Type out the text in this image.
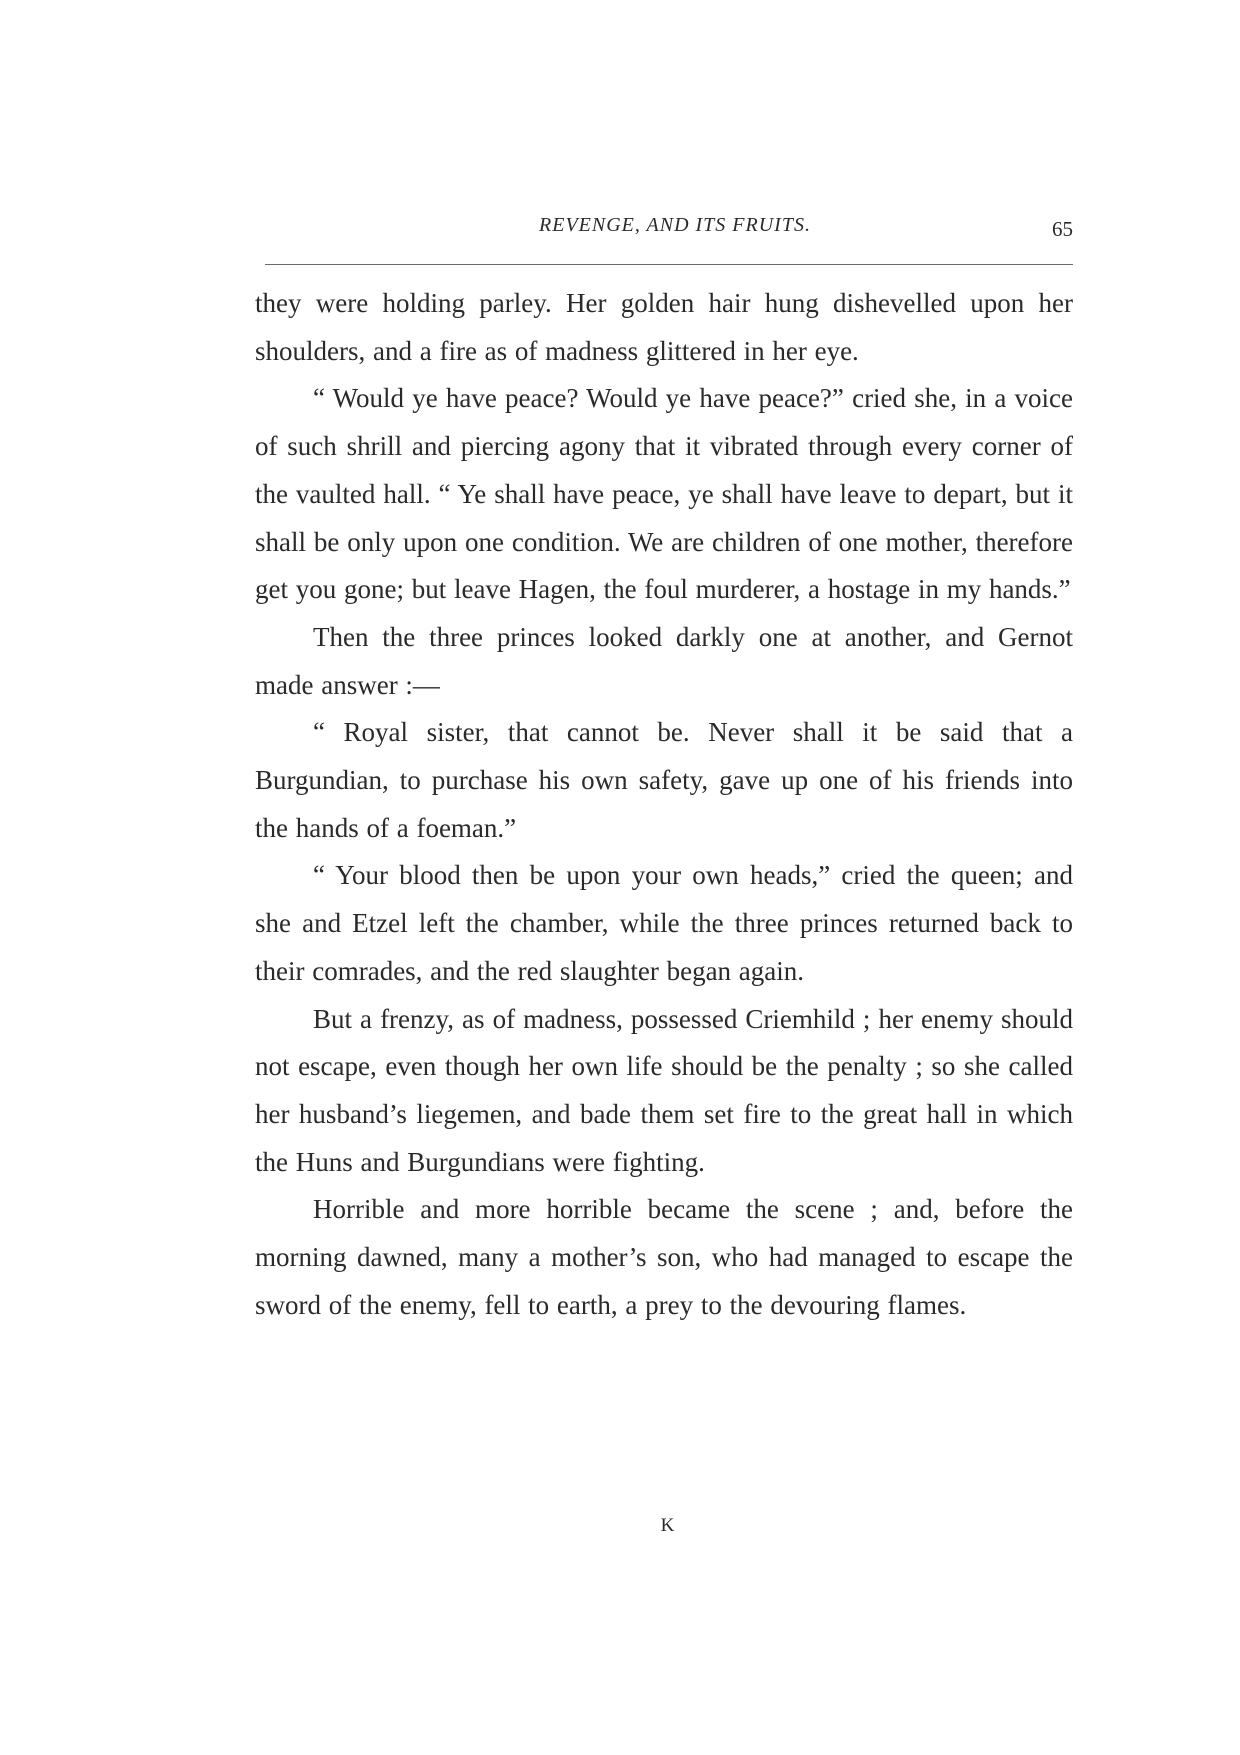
REVENGE, AND ITS FRUITS.	65

they were holding parley. Her golden hair hung dishevelled upon her shoulders, and a fire as of madness glittered in her eye.

“ Would ye have peace? Would ye have peace?” cried she, in a voice of such shrill and piercing agony that it vibrated through every corner of the vaulted hall. “ Ye shall have peace, ye shall have leave to depart, but it shall be only upon one condition. We are children of one mother, therefore get you gone; but leave Hagen, the foul murderer, a hostage in my hands.”

Then the three princes looked darkly one at another, and Gernot made answer :—

“ Royal sister, that cannot be. Never shall it be said that a Burgundian, to purchase his own safety, gave up one of his friends into the hands of a foeman.”

“ Your blood then be upon your own heads,” cried the queen; and she and Etzel left the chamber, while the three princes returned back to their comrades, and the red slaughter began again.

But a frenzy, as of madness, possessed Criemhild ; her enemy should not escape, even though her own life should be the penalty ; so she called her husband’s liegemen, and bade them set fire to the great hall in which the Huns and Burgundians were fighting.

Horrible and more horrible became the scene ; and, before the morning dawned, many a mother’s son, who had managed to escape the sword of the enemy, fell to earth, a prey to the devouring flames.

K
